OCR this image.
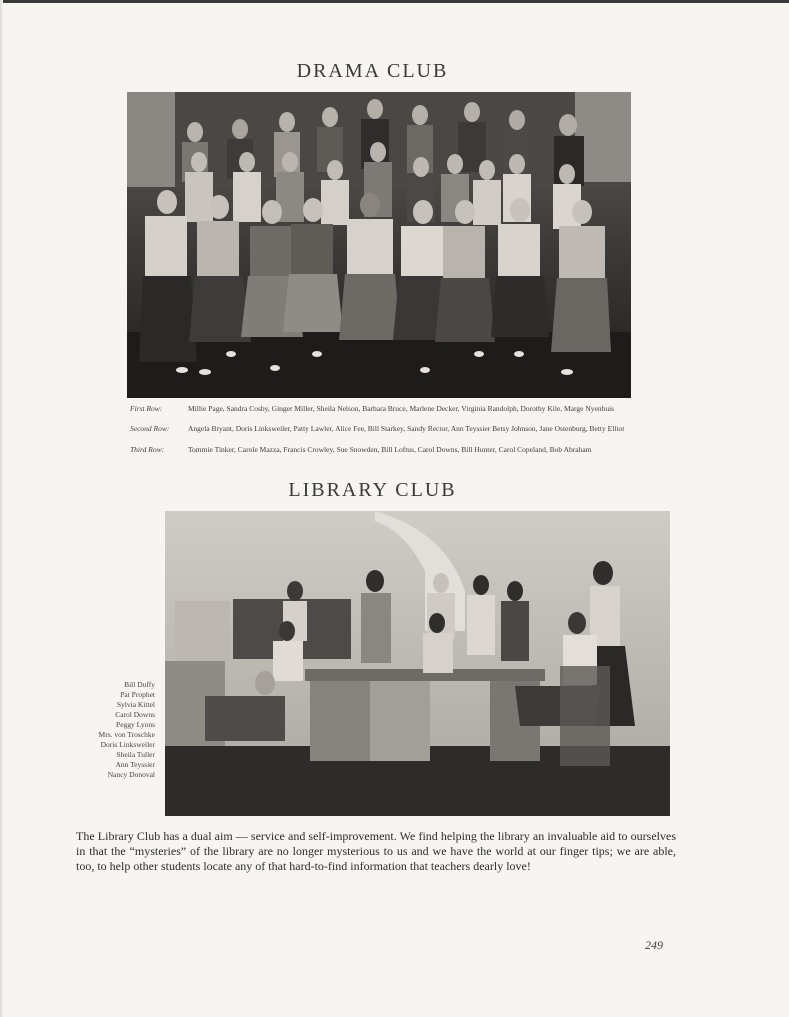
DRAMA CLUB
First Row:	Millie Page, Sandra Cosby, Ginger Miller, Sheila Nelson, Barbara Bruce, Marlene Decker, Virginia Randolph, Dorothy Kile, Marge Nyenhuis
Second Row: Angela Bryant, Doris Linksweiler, Patty Lawler, Alice Fee, Bill Starkey, Sandy Rector, Ann Teyssier Betsy Johnson, Jane Ostenburg, Betty Elliot
Third Row:	Tommie Tinker, Carole Mazza, Francis Crowley, Sue Snowden, Bill Loftus, Carol Downs, Bill Hunter, Carol Copeland, Bob Abraham
LIBRARY CLUB
Bill Duffy
Pat Prophet
Sylvia Kittel
Carol Downs
Peggy Lyons
Mrs. von Troschke
Doris Linksweiler
Sheila Tuller
Ann Teyssier
Nancy Donoval

The Library Club has a dual aim — service and self-improvement. We find helping the library an invaluable aid to ourselves in that the “mysteries” of the library are no longer mysterious to us and we have the world at our finger tips; we are able, too, to help other students locate any of that hard-to-find information that teachers dearly love!

249
